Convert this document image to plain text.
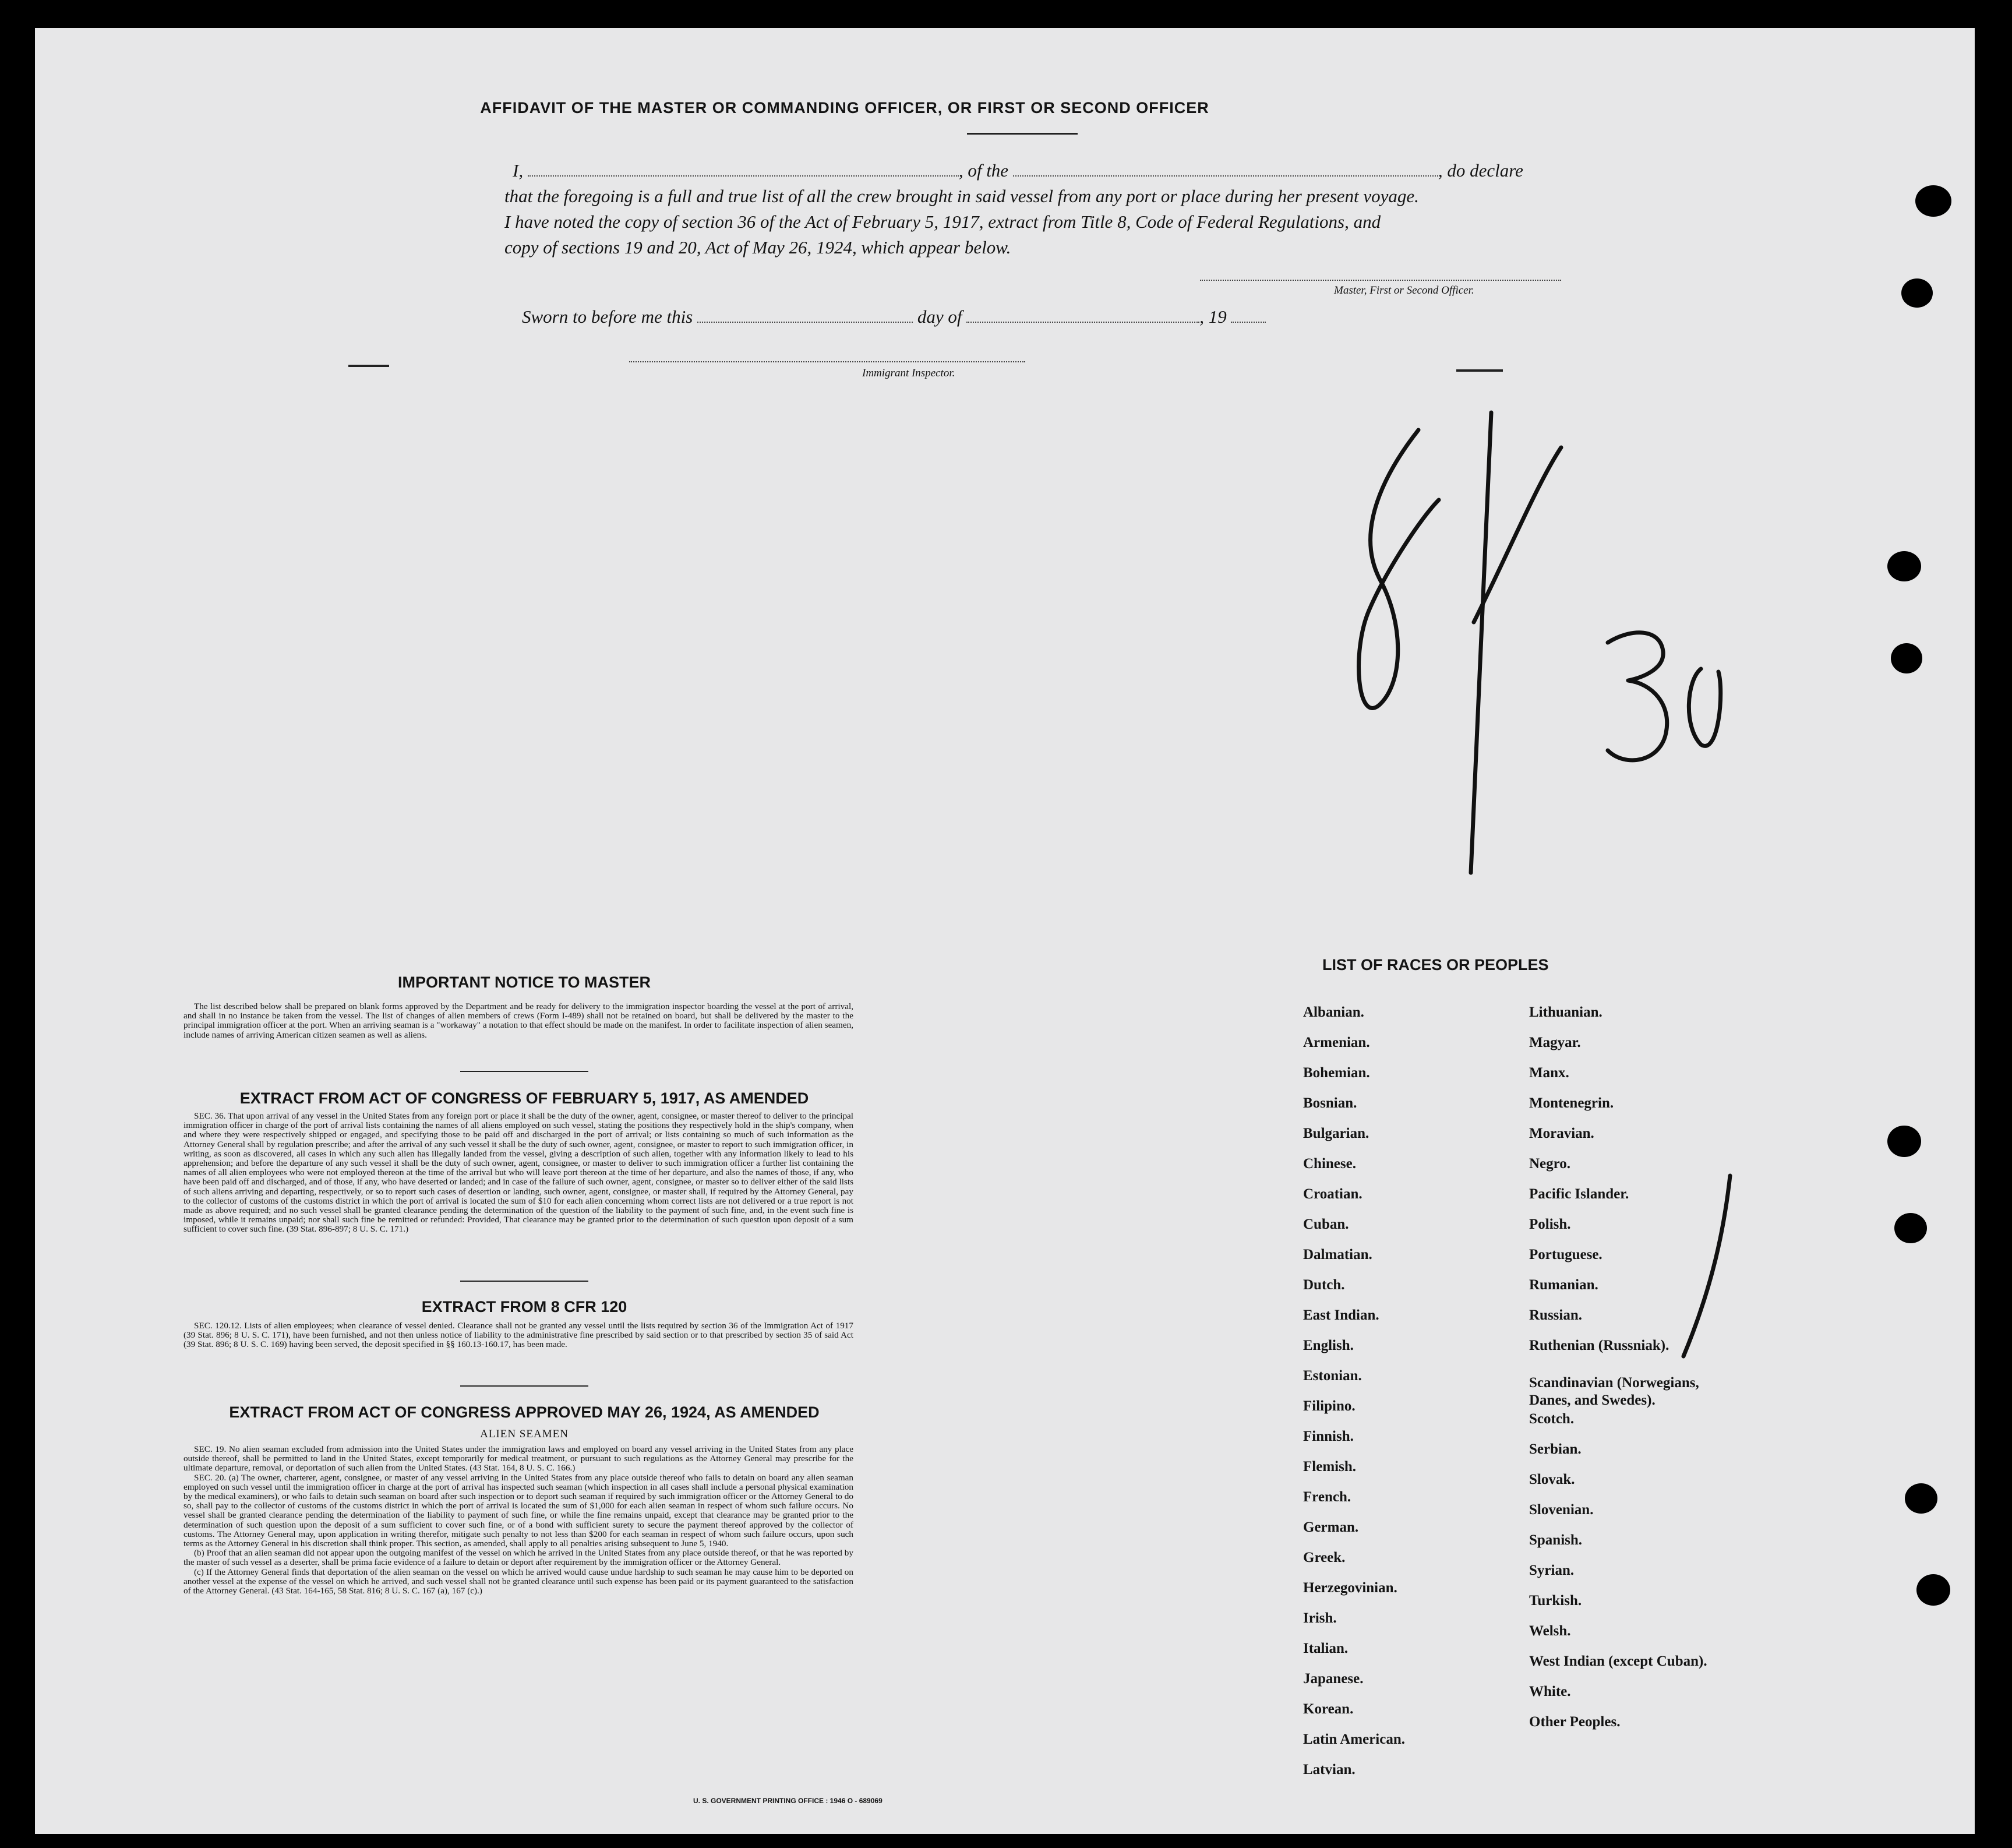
AFFIDAVIT OF THE MASTER OR COMMANDING OFFICER, OR FIRST OR SECOND OFFICER
I,	, of the	, do declare
that the foregoing is a full and true list of all the crew brought in said vessel from any port or place during her present voyage.
I have noted the copy of section 36 of the Act of February 5, 1917, extract from Title 8, Code of Federal Regulations, and
copy of sections 19 and 20, Act of May 26, 1924, which appear below.
Master, First or Second Officer.
Sworn to before me this	day of	, 19
Immigrant Inspector.
IMPORTANT NOTICE TO MASTER

The list described below shall be prepared on blank forms approved by the Department and be ready for delivery to the immigration inspector boarding the vessel at the port of arrival, and shall in no instance be taken from the vessel. The list of changes of alien members of crews (Form I-489) shall not be retained on board, but shall be delivered by the master to the principal immigration officer at the port. When an arriving seaman is a "workaway" a notation to that effect should be made on the manifest. In order to facilitate inspection of alien seamen, include names of arriving American citizen seamen as well as aliens.

EXTRACT FROM ACT OF CONGRESS OF FEBRUARY 5, 1917, AS AMENDED

SEC. 36. That upon arrival of any vessel in the United States from any foreign port or place it shall be the duty of the owner, agent, consignee, or master thereof to deliver to the principal immigration officer in charge of the port of arrival lists containing the names of all aliens employed on such vessel, stating the positions they respectively hold in the ship's company, when and where they were respectively shipped or engaged, and specifying those to be paid off and discharged in the port of arrival; or lists containing so much of such information as the Attorney General shall by regulation prescribe; and after the arrival of any such vessel it shall be the duty of such owner, agent, consignee, or master to report to such immigration officer, in writing, as soon as discovered, all cases in which any such alien has illegally landed from the vessel, giving a description of such alien, together with any information likely to lead to his apprehension; and before the departure of any such vessel it shall be the duty of such owner, agent, consignee, or master to deliver to such immigration officer a further list containing the names of all alien employees who were not employed thereon at the time of the arrival but who will leave port thereon at the time of her departure, and also the names of those, if any, who have been paid off and discharged, and of those, if any, who have deserted or landed; and in case of the failure of such owner, agent, consignee, or master so to deliver either of the said lists of such aliens arriving and departing, respectively, or so to report such cases of desertion or landing, such owner, agent, consignee, or master shall, if required by the Attorney General, pay to the collector of customs of the customs district in which the port of arrival is located the sum of $10 for each alien concerning whom correct lists are not delivered or a true report is not made as above required; and no such vessel shall be granted clearance pending the determination of the question of the liability to the payment of such fine, and, in the event such fine is imposed, while it remains unpaid; nor shall such fine be remitted or refunded: Provided, That clearance may be granted prior to the determination of such question upon deposit of a sum sufficient to cover such fine. (39 Stat. 896-897; 8 U. S. C. 171.)

EXTRACT FROM 8 CFR 120

SEC. 120.12. Lists of alien employees; when clearance of vessel denied. Clearance shall not be granted any vessel until the lists required by section 36 of the Immigration Act of 1917 (39 Stat. 896; 8 U. S. C. 171), have been furnished, and not then unless notice of liability to the administrative fine prescribed by said section or to that prescribed by section 35 of said Act (39 Stat. 896; 8 U. S. C. 169) having been served, the deposit specified in §§ 160.13-160.17, has been made.

EXTRACT FROM ACT OF CONGRESS APPROVED MAY 26, 1924, AS AMENDED
ALIEN SEAMEN

SEC. 19. No alien seaman excluded from admission into the United States under the immigration laws and employed on board any vessel arriving in the United States from any place outside thereof, shall be permitted to land in the United States, except temporarily for medical treatment, or pursuant to such regulations as the Attorney General may prescribe for the ultimate departure, removal, or deportation of such alien from the United States. (43 Stat. 164, 8 U. S. C. 166.)

SEC. 20. (a) The owner, charterer, agent, consignee, or master of any vessel arriving in the United States from any place outside thereof who fails to detain on board any alien seaman employed on such vessel until the immigration officer in charge at the port of arrival has inspected such seaman (which inspection in all cases shall include a personal physical examination by the medical examiners), or who fails to detain such seaman on board after such inspection or to deport such seaman if required by such immigration officer or the Attorney General to do so, shall pay to the collector of customs of the customs district in which the port of arrival is located the sum of $1,000 for each alien seaman in respect of whom such failure occurs. No vessel shall be granted clearance pending the determination of the liability to payment of such fine, or while the fine remains unpaid, except that clearance may be granted prior to the determination of such question upon the deposit of a sum sufficient to cover such fine, or of a bond with sufficient surety to secure the payment thereof approved by the collector of customs. The Attorney General may, upon application in writing therefor, mitigate such penalty to not less than $200 for each seaman in respect of whom such failure occurs, upon such terms as the Attorney General in his discretion shall think proper. This section, as amended, shall apply to all penalties arising subsequent to June 5, 1940.

(b) Proof that an alien seaman did not appear upon the outgoing manifest of the vessel on which he arrived in the United States from any place outside thereof, or that he was reported by the master of such vessel as a deserter, shall be prima facie evidence of a failure to detain or deport after requirement by the immigration officer or the Attorney General.

(c) If the Attorney General finds that deportation of the alien seaman on the vessel on which he arrived would cause undue hardship to such seaman he may cause him to be deported on another vessel at the expense of the vessel on which he arrived, and such vessel shall not be granted clearance until such expense has been paid or its payment guaranteed to the satisfaction of the Attorney General. (43 Stat. 164-165, 58 Stat. 816; 8 U. S. C. 167 (a), 167 (c).)

U. S. GOVERNMENT PRINTING OFFICE : 1946 O - 689069
LIST OF RACES OR PEOPLES
Albanian.
Armenian.
Bohemian.
Bosnian.
Bulgarian.
Chinese.
Croatian.
Cuban.
Dalmatian.
Dutch.
East Indian.
English.
Estonian.
Filipino.
Finnish.
Flemish.
French.
German.
Greek.
Herzegovinian.
Irish.
Italian.
Japanese.
Korean.
Latin American.
Latvian.
Lithuanian.
Magyar.
Manx.
Montenegrin.
Moravian.
Negro.
Pacific Islander.
Polish.
Portuguese.
Rumanian.
Russian.
Ruthenian (Russniak).
Scandinavian (Norwegians,
Danes, and Swedes).
Scotch.
Serbian.
Slovak.
Slovenian.
Spanish.
Syrian.
Turkish.
Welsh.
West Indian (except Cuban).
White.
Other Peoples.
